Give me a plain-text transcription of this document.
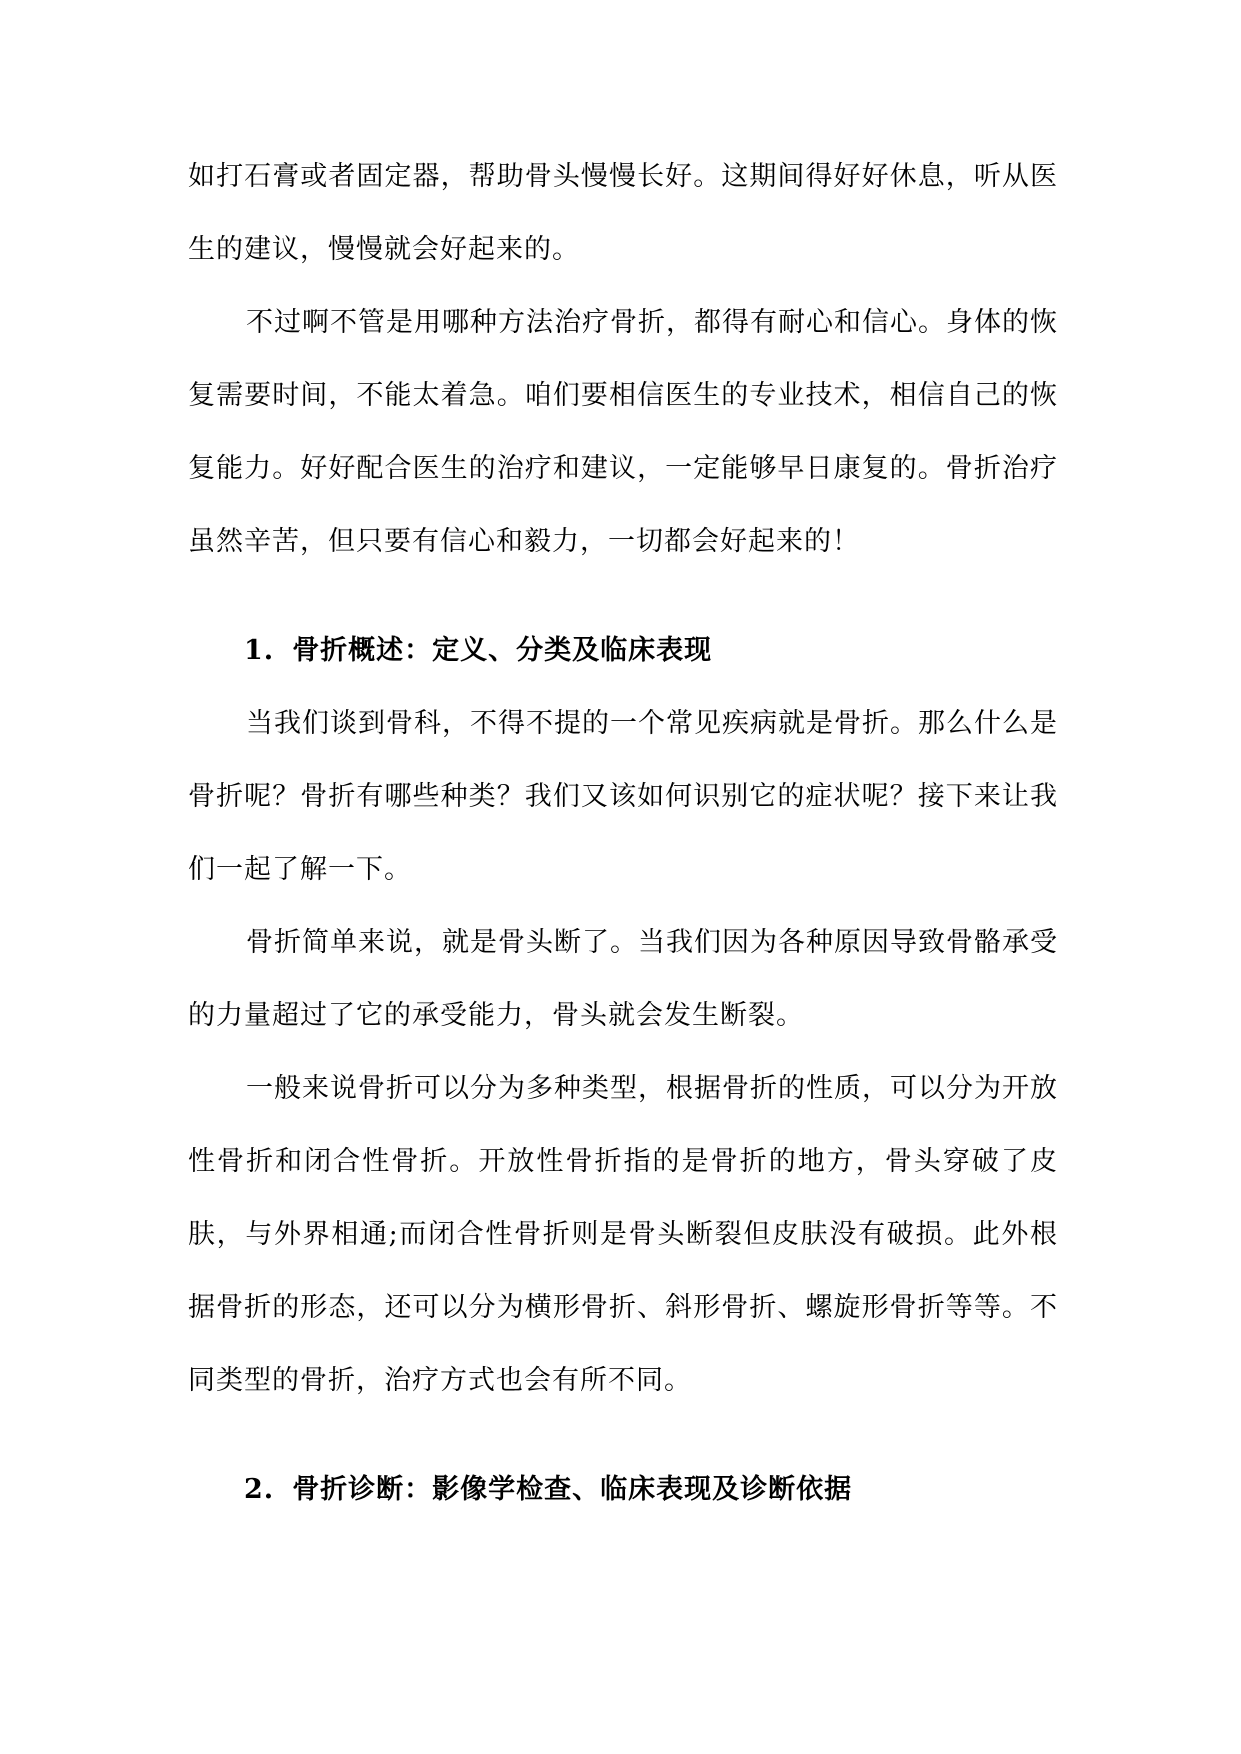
如打石膏或者固定器，帮助骨头慢慢长好。这期间得好好休息，听从医生的建议，慢慢就会好起来的。

不过啊不管是用哪种方法治疗骨折，都得有耐心和信心。身体的恢复需要时间，不能太着急。咱们要相信医生的专业技术，相信自己的恢复能力。好好配合医生的治疗和建议，一定能够早日康复的。骨折治疗虽然辛苦，但只要有信心和毅力，一切都会好起来的！

1. 骨折概述：定义、分类及临床表现

当我们谈到骨科，不得不提的一个常见疾病就是骨折。那么什么是骨折呢？骨折有哪些种类？我们又该如何识别它的症状呢？接下来让我们一起了解一下。

骨折简单来说，就是骨头断了。当我们因为各种原因导致骨骼承受的力量超过了它的承受能力，骨头就会发生断裂。

一般来说骨折可以分为多种类型，根据骨折的性质，可以分为开放性骨折和闭合性骨折。开放性骨折指的是骨折的地方，骨头穿破了皮肤，与外界相通;而闭合性骨折则是骨头断裂但皮肤没有破损。此外根据骨折的形态，还可以分为横形骨折、斜形骨折、螺旋形骨折等等。不同类型的骨折，治疗方式也会有所不同。

2. 骨折诊断：影像学检查、临床表现及诊断依据
